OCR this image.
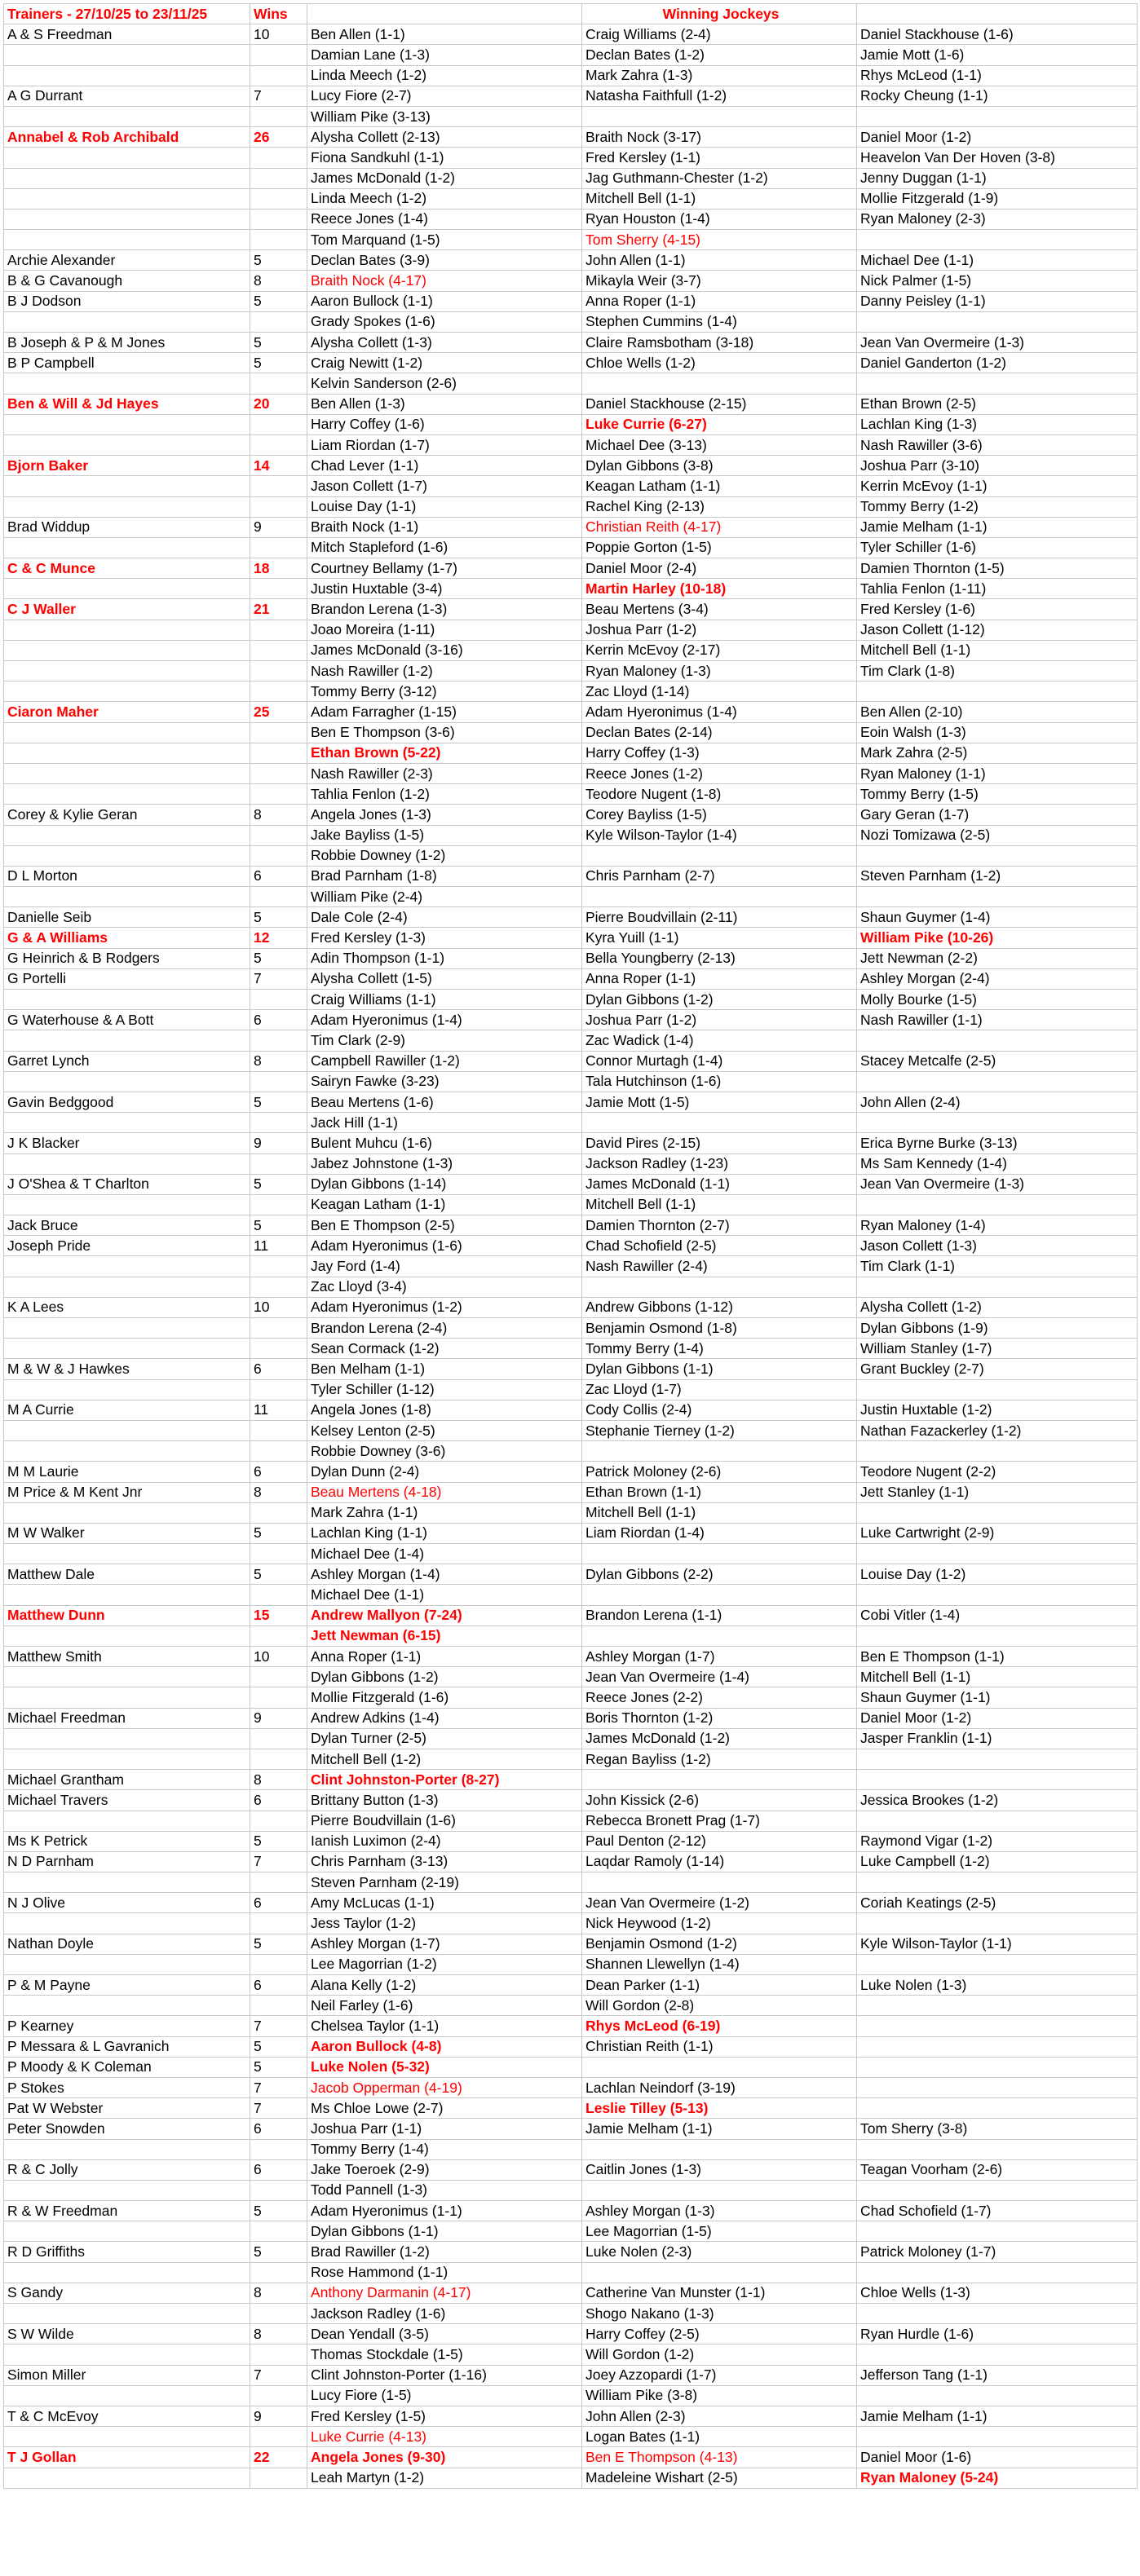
Trainers - 27/10/25 to 23/11/25	Wins		Winning Jockeys	
A & S Freedman	10	Ben Allen (1-1)	Craig Williams (2-4)	Daniel Stackhouse (1-6)
		Damian Lane (1-3)	Declan Bates (1-2)	Jamie Mott (1-6)
		Linda Meech (1-2)	Mark Zahra (1-3)	Rhys McLeod (1-1)
A G Durrant	7	Lucy Fiore (2-7)	Natasha Faithfull (1-2)	Rocky Cheung (1-1)
		William Pike (3-13)		
Annabel & Rob Archibald	26	Alysha Collett (2-13)	Braith Nock (3-17)	Daniel Moor (1-2)
		Fiona Sandkuhl (1-1)	Fred Kersley (1-1)	Heavelon Van Der Hoven (3-8)
		James McDonald (1-2)	Jag Guthmann-Chester (1-2)	Jenny Duggan (1-1)
		Linda Meech (1-2)	Mitchell Bell (1-1)	Mollie Fitzgerald (1-9)
		Reece Jones (1-4)	Ryan Houston (1-4)	Ryan Maloney (2-3)
		Tom Marquand (1-5)	Tom Sherry (4-15)	
Archie Alexander	5	Declan Bates (3-9)	John Allen (1-1)	Michael Dee (1-1)
B & G Cavanough	8	Braith Nock (4-17)	Mikayla Weir (3-7)	Nick Palmer (1-5)
B J Dodson	5	Aaron Bullock (1-1)	Anna Roper (1-1)	Danny Peisley (1-1)
		Grady Spokes (1-6)	Stephen Cummins (1-4)	
B Joseph & P & M Jones	5	Alysha Collett (1-3)	Claire Ramsbotham (3-18)	Jean Van Overmeire (1-3)
B P Campbell	5	Craig Newitt (1-2)	Chloe Wells (1-2)	Daniel Ganderton (1-2)
		Kelvin Sanderson (2-6)		
Ben & Will & Jd Hayes	20	Ben Allen (1-3)	Daniel Stackhouse (2-15)	Ethan Brown (2-5)
		Harry Coffey (1-6)	Luke Currie (6-27)	Lachlan King (1-3)
		Liam Riordan (1-7)	Michael Dee (3-13)	Nash Rawiller (3-6)
Bjorn Baker	14	Chad Lever (1-1)	Dylan Gibbons (3-8)	Joshua Parr (3-10)
		Jason Collett (1-7)	Keagan Latham (1-1)	Kerrin McEvoy (1-1)
		Louise Day (1-1)	Rachel King (2-13)	Tommy Berry (1-2)
Brad Widdup	9	Braith Nock (1-1)	Christian Reith (4-17)	Jamie Melham (1-1)
		Mitch Stapleford (1-6)	Poppie Gorton (1-5)	Tyler Schiller (1-6)
C & C Munce	18	Courtney Bellamy (1-7)	Daniel Moor (2-4)	Damien Thornton (1-5)
		Justin Huxtable (3-4)	Martin Harley (10-18)	Tahlia Fenlon (1-11)
C J Waller	21	Brandon Lerena (1-3)	Beau Mertens (3-4)	Fred Kersley (1-6)
		Joao Moreira (1-11)	Joshua Parr (1-2)	Jason Collett (1-12)
		James McDonald (3-16)	Kerrin McEvoy (2-17)	Mitchell Bell (1-1)
		Nash Rawiller (1-2)	Ryan Maloney (1-3)	Tim Clark (1-8)
		Tommy Berry (3-12)	Zac Lloyd (1-14)	
Ciaron Maher	25	Adam Farragher (1-15)	Adam Hyeronimus (1-4)	Ben Allen (2-10)
		Ben E Thompson (3-6)	Declan Bates (2-14)	Eoin Walsh (1-3)
		Ethan Brown (5-22)	Harry Coffey (1-3)	Mark Zahra (2-5)
		Nash Rawiller (2-3)	Reece Jones (1-2)	Ryan Maloney (1-1)
		Tahlia Fenlon (1-2)	Teodore Nugent (1-8)	Tommy Berry (1-5)
Corey & Kylie Geran	8	Angela Jones (1-3)	Corey Bayliss (1-5)	Gary Geran (1-7)
		Jake Bayliss (1-5)	Kyle Wilson-Taylor (1-4)	Nozi Tomizawa (2-5)
		Robbie Downey (1-2)		
D L Morton	6	Brad Parnham (1-8)	Chris Parnham (2-7)	Steven Parnham (1-2)
		William Pike (2-4)		
Danielle Seib	5	Dale Cole (2-4)	Pierre Boudvillain (2-11)	Shaun Guymer (1-4)
G & A Williams	12	Fred Kersley (1-3)	Kyra Yuill (1-1)	William Pike (10-26)
G Heinrich & B Rodgers	5	Adin Thompson (1-1)	Bella Youngberry (2-13)	Jett Newman (2-2)
G Portelli	7	Alysha Collett (1-5)	Anna Roper (1-1)	Ashley Morgan (2-4)
		Craig Williams (1-1)	Dylan Gibbons (1-2)	Molly Bourke (1-5)
G Waterhouse & A Bott	6	Adam Hyeronimus (1-4)	Joshua Parr (1-2)	Nash Rawiller (1-1)
		Tim Clark (2-9)	Zac Wadick (1-4)	
Garret Lynch	8	Campbell Rawiller (1-2)	Connor Murtagh (1-4)	Stacey Metcalfe (2-5)
		Sairyn Fawke (3-23)	Tala Hutchinson (1-6)	
Gavin Bedggood	5	Beau Mertens (1-6)	Jamie Mott (1-5)	John Allen (2-4)
		Jack Hill (1-1)		
J K Blacker	9	Bulent Muhcu (1-6)	David Pires (2-15)	Erica Byrne Burke (3-13)
		Jabez Johnstone (1-3)	Jackson Radley (1-23)	Ms Sam Kennedy (1-4)
J O'Shea & T Charlton	5	Dylan Gibbons (1-14)	James McDonald (1-1)	Jean Van Overmeire (1-3)
		Keagan Latham (1-1)	Mitchell Bell (1-1)	
Jack Bruce	5	Ben E Thompson (2-5)	Damien Thornton (2-7)	Ryan Maloney (1-4)
Joseph Pride	11	Adam Hyeronimus (1-6)	Chad Schofield (2-5)	Jason Collett (1-3)
		Jay Ford (1-4)	Nash Rawiller (2-4)	Tim Clark (1-1)
		Zac Lloyd (3-4)		
K A Lees	10	Adam Hyeronimus (1-2)	Andrew Gibbons (1-12)	Alysha Collett (1-2)
		Brandon Lerena (2-4)	Benjamin Osmond (1-8)	Dylan Gibbons (1-9)
		Sean Cormack (1-2)	Tommy Berry (1-4)	William Stanley (1-7)
M & W & J Hawkes	6	Ben Melham (1-1)	Dylan Gibbons (1-1)	Grant Buckley (2-7)
		Tyler Schiller (1-12)	Zac Lloyd (1-7)	
M A Currie	11	Angela Jones (1-8)	Cody Collis (2-4)	Justin Huxtable (1-2)
		Kelsey Lenton (2-5)	Stephanie Tierney (1-2)	Nathan Fazackerley (1-2)
		Robbie Downey (3-6)		
M M Laurie	6	Dylan Dunn (2-4)	Patrick Moloney (2-6)	Teodore Nugent (2-2)
M Price & M Kent Jnr	8	Beau Mertens (4-18)	Ethan Brown (1-1)	Jett Stanley (1-1)
		Mark Zahra (1-1)	Mitchell Bell (1-1)	
M W Walker	5	Lachlan King (1-1)	Liam Riordan (1-4)	Luke Cartwright (2-9)
		Michael Dee (1-4)		
Matthew Dale	5	Ashley Morgan (1-4)	Dylan Gibbons (2-2)	Louise Day (1-2)
		Michael Dee (1-1)		
Matthew Dunn	15	Andrew Mallyon (7-24)	Brandon Lerena (1-1)	Cobi Vitler (1-4)
		Jett Newman (6-15)		
Matthew Smith	10	Anna Roper (1-1)	Ashley Morgan (1-7)	Ben E Thompson (1-1)
		Dylan Gibbons (1-2)	Jean Van Overmeire (1-4)	Mitchell Bell (1-1)
		Mollie Fitzgerald (1-6)	Reece Jones (2-2)	Shaun Guymer (1-1)
Michael Freedman	9	Andrew Adkins (1-4)	Boris Thornton (1-2)	Daniel Moor (1-2)
		Dylan Turner (2-5)	James McDonald (1-2)	Jasper Franklin (1-1)
		Mitchell Bell (1-2)	Regan Bayliss (1-2)	
Michael Grantham	8	Clint Johnston-Porter (8-27)		
Michael Travers	6	Brittany Button (1-3)	John Kissick (2-6)	Jessica Brookes (1-2)
		Pierre Boudvillain (1-6)	Rebecca Bronett Prag (1-7)	
Ms K Petrick	5	Ianish Luximon (2-4)	Paul Denton (2-12)	Raymond Vigar (1-2)
N D Parnham	7	Chris Parnham (3-13)	Laqdar Ramoly (1-14)	Luke Campbell (1-2)
		Steven Parnham (2-19)		
N J Olive	6	Amy McLucas (1-1)	Jean Van Overmeire (1-2)	Coriah Keatings (2-5)
		Jess Taylor (1-2)	Nick Heywood (1-2)	
Nathan Doyle	5	Ashley Morgan (1-7)	Benjamin Osmond (1-2)	Kyle Wilson-Taylor (1-1)
		Lee Magorrian (1-2)	Shannen Llewellyn (1-4)	
P & M Payne	6	Alana Kelly (1-2)	Dean Parker (1-1)	Luke Nolen (1-3)
		Neil Farley (1-6)	Will Gordon (2-8)	
P Kearney	7	Chelsea Taylor (1-1)	Rhys McLeod (6-19)	
P Messara & L Gavranich	5	Aaron Bullock (4-8)	Christian Reith (1-1)	
P Moody & K Coleman	5	Luke Nolen (5-32)		
P Stokes	7	Jacob Opperman (4-19)	Lachlan Neindorf (3-19)	
Pat W Webster	7	Ms Chloe Lowe (2-7)	Leslie Tilley (5-13)	
Peter Snowden	6	Joshua Parr (1-1)	Jamie Melham (1-1)	Tom Sherry (3-8)
		Tommy Berry (1-4)		
R & C Jolly	6	Jake Toeroek (2-9)	Caitlin Jones (1-3)	Teagan Voorham (2-6)
		Todd Pannell (1-3)		
R & W Freedman	5	Adam Hyeronimus (1-1)	Ashley Morgan (1-3)	Chad Schofield (1-7)
		Dylan Gibbons (1-1)	Lee Magorrian (1-5)	
R D Griffiths	5	Brad Rawiller (1-2)	Luke Nolen (2-3)	Patrick Moloney (1-7)
		Rose Hammond (1-1)		
S Gandy	8	Anthony Darmanin (4-17)	Catherine Van Munster (1-1)	Chloe Wells (1-3)
		Jackson Radley (1-6)	Shogo Nakano (1-3)	
S W Wilde	8	Dean Yendall (3-5)	Harry Coffey (2-5)	Ryan Hurdle (1-6)
		Thomas Stockdale (1-5)	Will Gordon (1-2)	
Simon Miller	7	Clint Johnston-Porter (1-16)	Joey Azzopardi (1-7)	Jefferson Tang (1-1)
		Lucy Fiore (1-5)	William Pike (3-8)	
T & C McEvoy	9	Fred Kersley (1-5)	John Allen (2-3)	Jamie Melham (1-1)
		Luke Currie (4-13)	Logan Bates (1-1)	
T J Gollan	22	Angela Jones (9-30)	Ben E Thompson (4-13)	Daniel Moor (1-6)
		Leah Martyn (1-2)	Madeleine Wishart (2-5)	Ryan Maloney (5-24)
